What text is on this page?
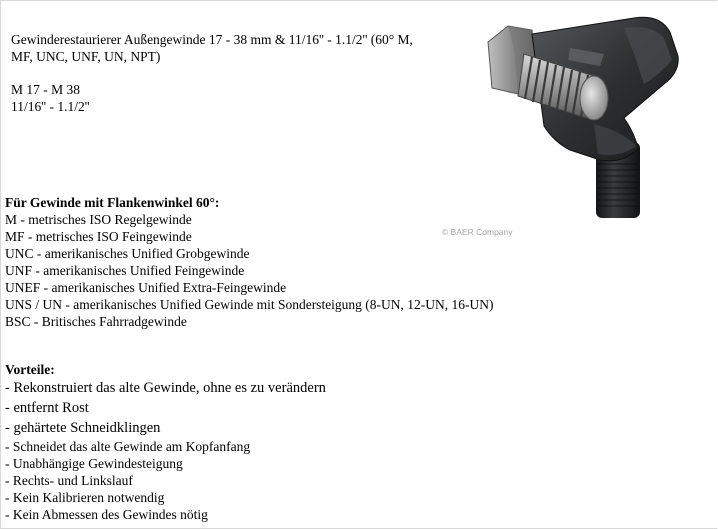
Gewinderestaurierer Außengewinde 17 - 38 mm & 11/16'' - 1.1/2'' (60° M,

MF, UNC, UNF, UN, NPT)

M 17 - M 38

11/16'' - 1.1/2''

© BAER Company
Für Gewinde mit Flankenwinkel 60°:
M - metrisches ISO Regelgewinde
MF - metrisches ISO Feingewinde
UNC - amerikanisches Unified Grobgewinde
UNF - amerikanisches Unified Feingewinde
UNEF - amerikanisches Unified Extra-Feingewinde
UNS / UN - amerikanisches Unified Gewinde mit Sondersteigung (8-UN, 12-UN, 16-UN)
BSC - Britisches Fahrradgewinde
Vorteile:
- Rekonstruiert das alte Gewinde, ohne es zu verändern
- entfernt Rost
- gehärtete Schneidklingen
- Schneidet das alte Gewinde am Kopfanfang
- Unabhängige Gewindesteigung
- Rechts- und Linkslauf
- Kein Kalibrieren notwendig
- Kein Abmessen des Gewindes nötig
